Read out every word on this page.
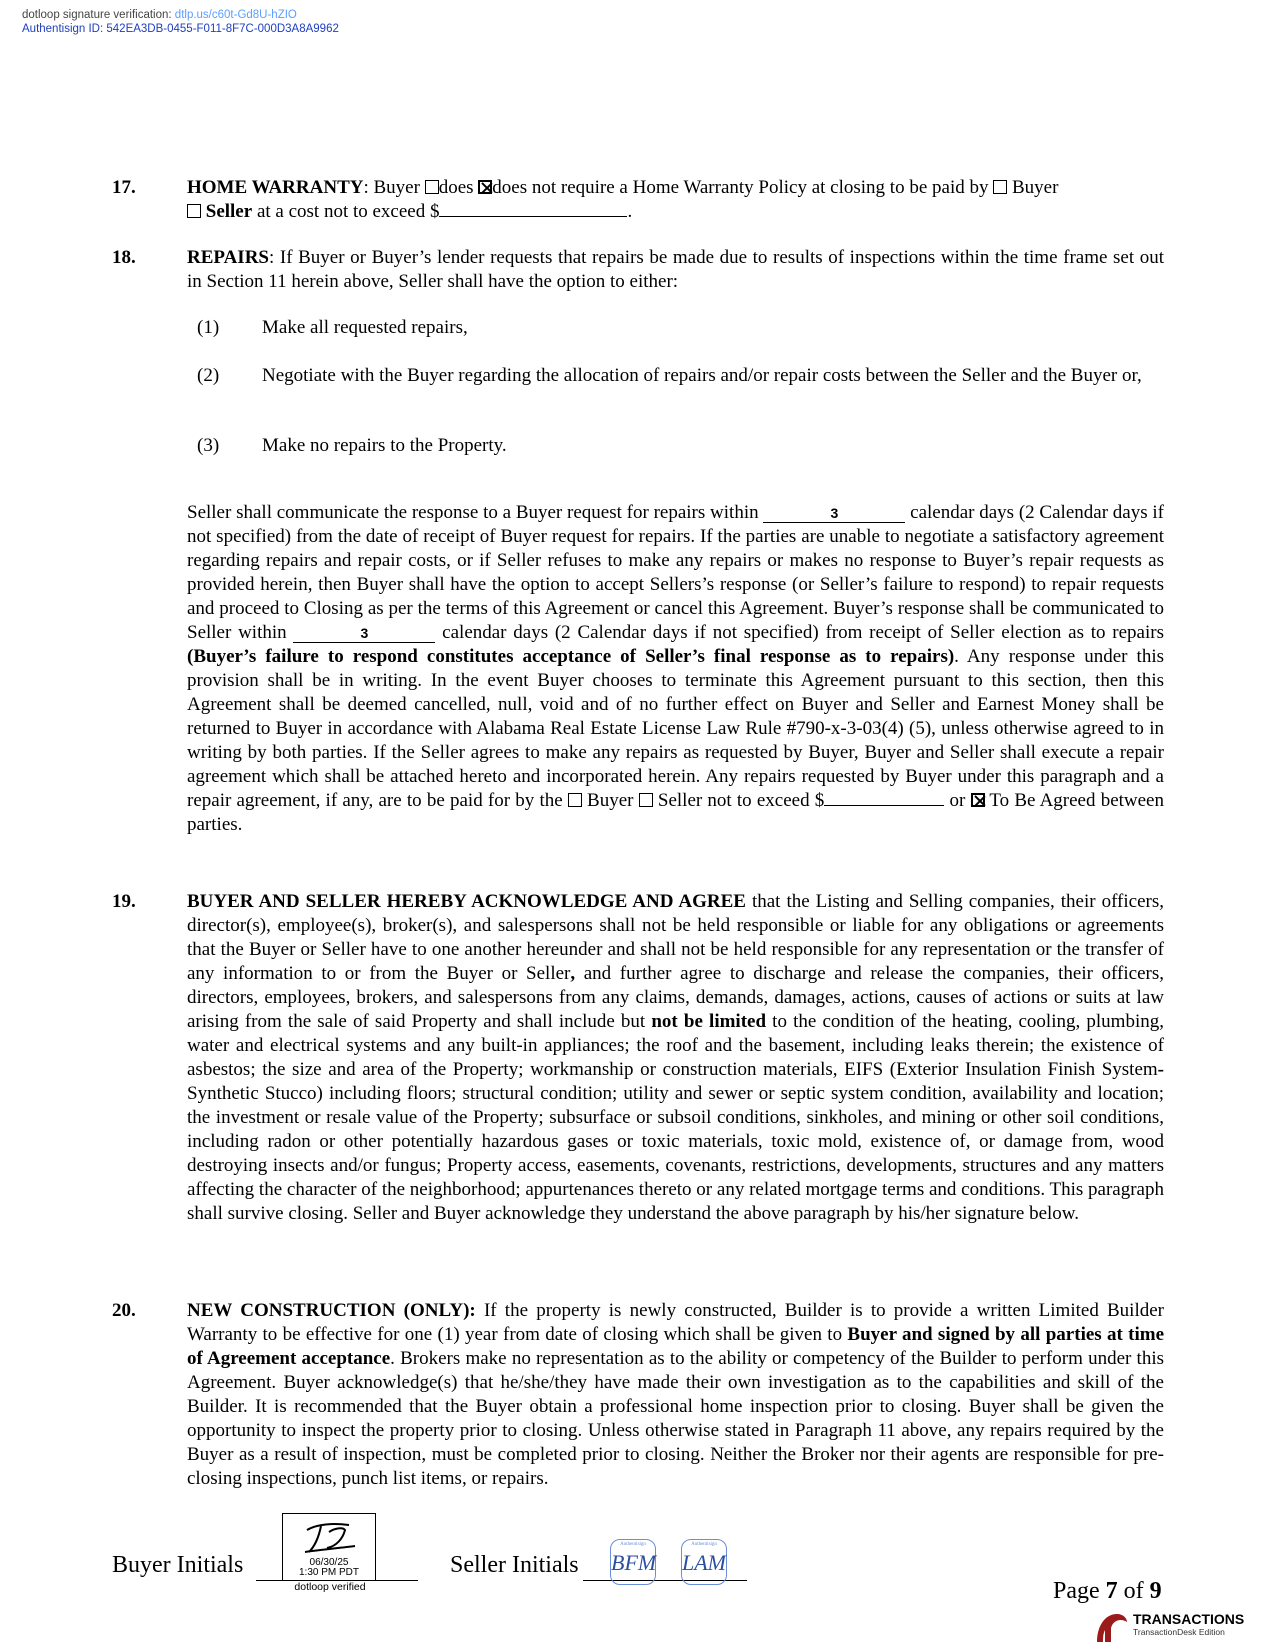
dotloop signature verification: dtlp.us/c60t-Gd8U-hZIO
Authentisign ID: 542EA3DB-0455-F011-8F7C-000D3A8A9962
17.	HOME WARRANTY: Buyer does does not require a Home Warranty Policy at closing to be paid by  Buyer
Seller at a cost not to exceed $	.
18.	REPAIRS: If Buyer or Buyer’s lender requests that repairs be made due to results of inspections within the time frame set out in Section 11 herein above, Seller shall have the option to either:
(1) Make all requested repairs,
(2) Negotiate with the Buyer regarding the allocation of repairs and/or repair costs between the Seller and the Buyer or,
(3) Make no repairs to the Property.
Seller shall communicate the response to a Buyer request for repairs within	3	calendar days (2 Calendar days if not specified) from the date of receipt of Buyer request for repairs. If the parties are unable to negotiate a satisfactory agreement regarding repairs and repair costs, or if Seller refuses to make any repairs or makes no response to Buyer’s repair requests as provided herein, then Buyer shall have the option to accept Sellers’s response (or Seller’s failure to respond) to repair requests and proceed to Closing as per the terms of this Agreement or cancel this Agreement. Buyer’s response shall be communicated to Seller within	3	calendar days (2 Calendar days if not specified) from receipt of Seller election as to repairs (Buyer’s failure to respond constitutes acceptance of Seller’s final response as to repairs). Any response under this provision shall be in writing. In the event Buyer chooses to terminate this Agreement pursuant to this section, then this Agreement shall be deemed cancelled, null, void and of no further effect on Buyer and Seller and Earnest Money shall be returned to Buyer in accordance with Alabama Real Estate License Law Rule #790-x-3-03(4) (5), unless otherwise agreed to in writing by both parties. If the Seller agrees to make any repairs as requested by Buyer, Buyer and Seller shall execute a repair agreement which shall be attached hereto and incorporated herein. Any repairs requested by Buyer under this paragraph and a repair agreement, if any, are to be paid for by the  Buyer  Seller not to exceed $	or  To Be Agreed between parties.
19.	BUYER AND SELLER HEREBY ACKNOWLEDGE AND AGREE that the Listing and Selling companies, their officers, director(s), employee(s), broker(s), and salespersons shall not be held responsible or liable for any obligations or agreements that the Buyer or Seller have to one another hereunder and shall not be held responsible for any representation or the transfer of any information to or from the Buyer or Seller, and further agree to discharge and release the companies, their officers, directors, employees, brokers, and salespersons from any claims, demands, damages, actions, causes of actions or suits at law arising from the sale of said Property and shall include but not be limited to the condition of the heating, cooling, plumbing, water and electrical systems and any built-in appliances; the roof and the basement, including leaks therein; the existence of asbestos; the size and area of the Property; workmanship or construction materials, EIFS (Exterior Insulation Finish System- Synthetic Stucco) including floors; structural condition; utility and sewer or septic system condition, availability and location; the investment or resale value of the Property; subsurface or subsoil conditions, sinkholes, and mining or other soil conditions, including radon or other potentially hazardous gases or toxic materials, toxic mold, existence of, or damage from, wood destroying insects and/or fungus; Property access, easements, covenants, restrictions, developments, structures and any matters affecting the character of the neighborhood; appurtenances thereto or any related mortgage terms and conditions. This paragraph shall survive closing. Seller and Buyer acknowledge they understand the above paragraph by his/her signature below.
20.	NEW CONSTRUCTION (ONLY): If the property is newly constructed, Builder is to provide a written Limited Builder Warranty to be effective for one (1) year from date of closing which shall be given to Buyer and signed by all parties at time of Agreement acceptance. Brokers make no representation as to the ability or competency of the Builder to perform under this Agreement. Buyer acknowledge(s) that he/she/they have made their own investigation as to the capabilities and skill of the Builder. It is recommended that the Buyer obtain a professional home inspection prior to closing. Buyer shall be given the opportunity to inspect the property prior to closing. Unless otherwise stated in Paragraph 11 above, any repairs required by the Buyer as a result of inspection, must be completed prior to closing. Neither the Broker nor their agents are responsible for pre-closing inspections, punch list items, or repairs.
Buyer Initials	06/30/25
1:30 PM PDT
dotloop verified
Seller Initials
Authentisign
BFM
Authentisign
LAM
Page 7 of 9
TRANSACTIONS
TransactionDesk Edition
